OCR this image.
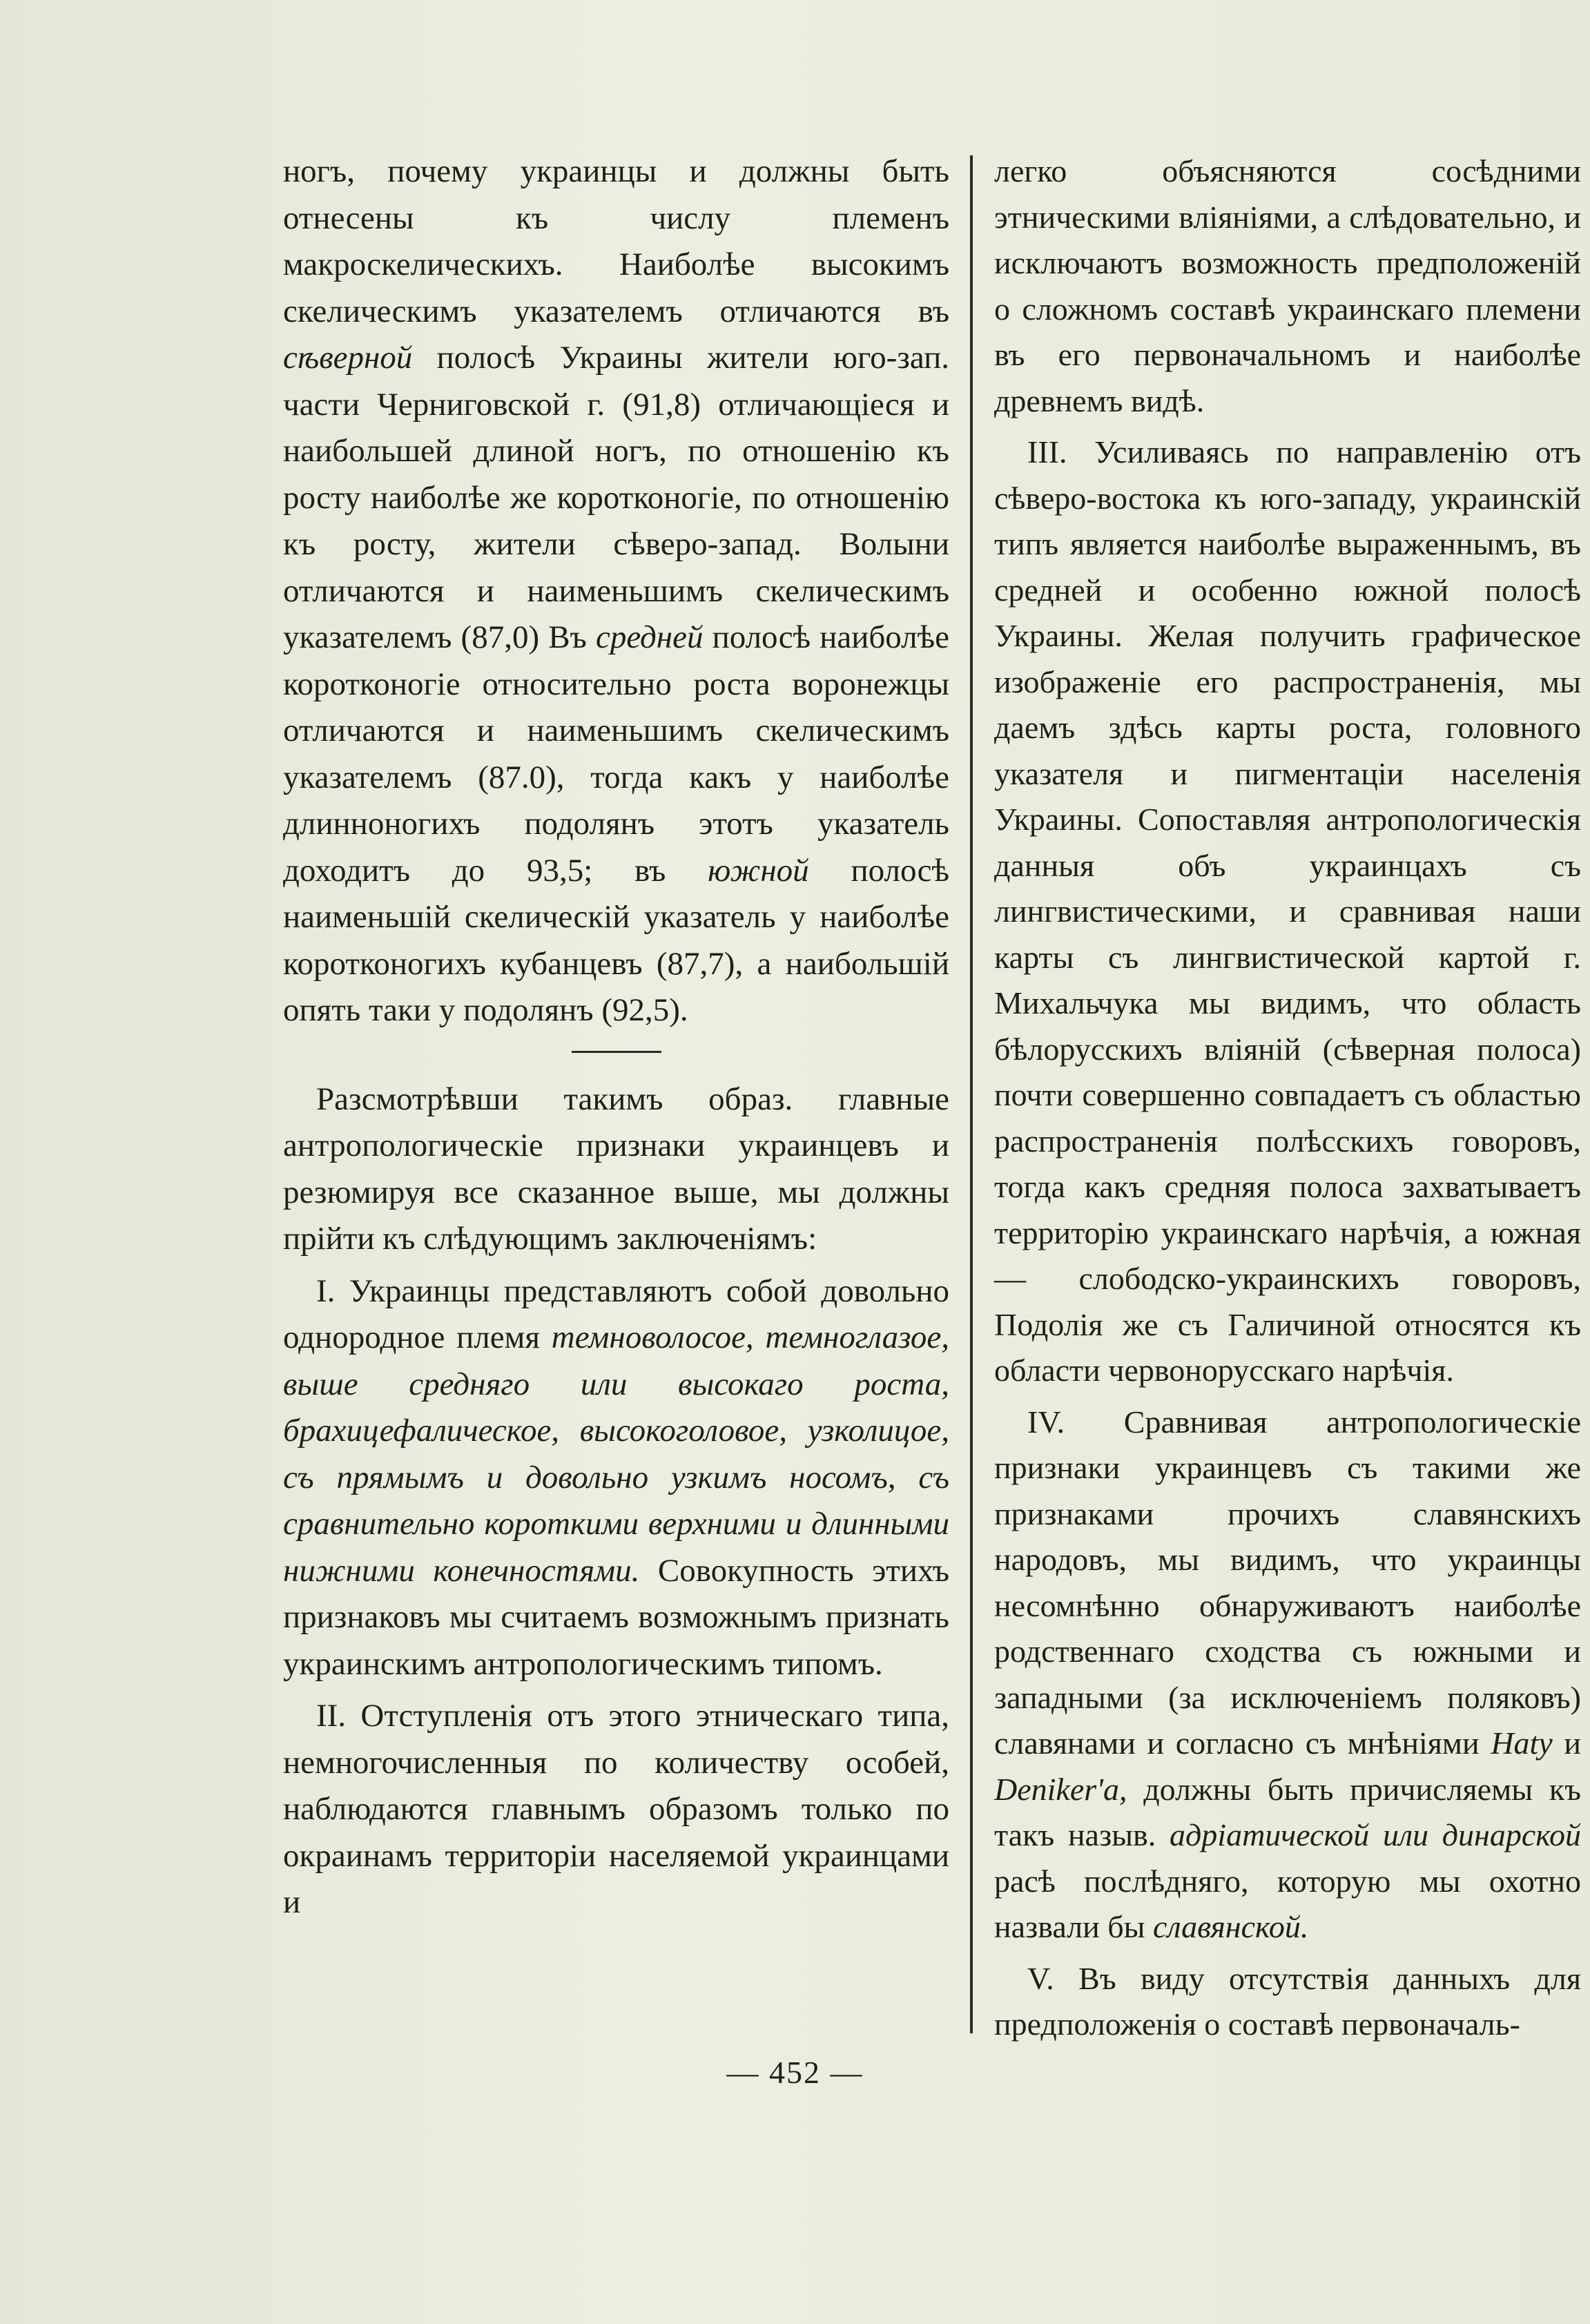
ногъ, почему украинцы и должны быть отнесены къ числу племенъ макроскелическихъ. Наиболѣе высокимъ скелическимъ указателемъ отличаются въ сѣверной полосѣ Украины жители юго-зап. части Черниговской г. (91,8) отличающіеся и наибольшей длиной ногъ, по отношенію къ росту наиболѣе же коротконогіе, по отношенію къ росту, жители сѣверо-запад. Волыни отличаются и наименьшимъ скелическимъ указателемъ (87,0) Въ средней полосѣ наиболѣе коротконогіе относительно роста воронежцы отличаются и наименьшимъ скелическимъ указателемъ (87.0), тогда какъ у наиболѣе длинноногихъ подолянъ этотъ указатель доходитъ до 93,5; въ южной полосѣ наименьшій скелическій указатель у наиболѣе коротконогихъ кубанцевъ (87,7), а наибольшій опять таки у подолянъ (92,5).

Разсмотрѣвши такимъ образ. главные антропологическіе признаки украинцевъ и резюмируя все сказанное выше, мы должны прійти къ слѣдующимъ заключеніямъ:

I. Украинцы представляютъ собой довольно однородное племя темноволосое, темноглазое, выше средняго или высокаго роста, брахицефалическое, высокоголовое, узколицое, съ прямымъ и довольно узкимъ носомъ, съ сравнительно короткими верхними и длинными нижними конечностями. Совокупность этихъ признаковъ мы считаемъ возможнымъ признать украинскимъ антропологическимъ типомъ.

II. Отступленія отъ этого этническаго типа, немногочисленныя по количеству особей, наблюдаются главнымъ образомъ только по окраинамъ территоріи населяемой украинцами и

легко объясняются сосѣдними этническими вліяніями, а слѣдовательно, и исключаютъ возможность предположеній о сложномъ составѣ украинскаго племени въ его первоначальномъ и наиболѣе древнемъ видѣ.

III. Усиливаясь по направленію отъ сѣверо-востока къ юго-западу, украинскій типъ является наиболѣе выраженнымъ, въ средней и особенно южной полосѣ Украины. Желая получить графическое изображеніе его распространенія, мы даемъ здѣсь карты роста, головного указателя и пигментаціи населенія Украины. Сопоставляя антропологическія данныя объ украинцахъ съ лингвистическими, и сравнивая наши карты съ лингвистической картой г. Михальчука мы видимъ, что область бѣлорусскихъ вліяній (сѣверная полоса) почти совершенно совпадаетъ съ областью распространенія полѣсскихъ говоровъ, тогда какъ средняя полоса захватываетъ территорію украинскаго нарѣчія, а южная — слободско-украинскихъ говоровъ, Подолія же съ Галичиной относятся къ области червонорусскаго нарѣчія.

IV. Сравнивая антропологическіе признаки украинцевъ съ такими же признаками прочихъ славянскихъ народовъ, мы видимъ, что украинцы несомнѣнно обнаруживаютъ наиболѣе родственнаго сходства съ южными и западными (за исключеніемъ поляковъ) славянами и согласно съ мнѣніями Haty и Deniker'a, должны быть причисляемы къ такъ назыв. адріатической или динарской расѣ послѣдняго, которую мы охотно назвали бы славянской.

V. Въ виду отсутствія данныхъ для предположенія о составѣ первоначаль-

— 452 —
